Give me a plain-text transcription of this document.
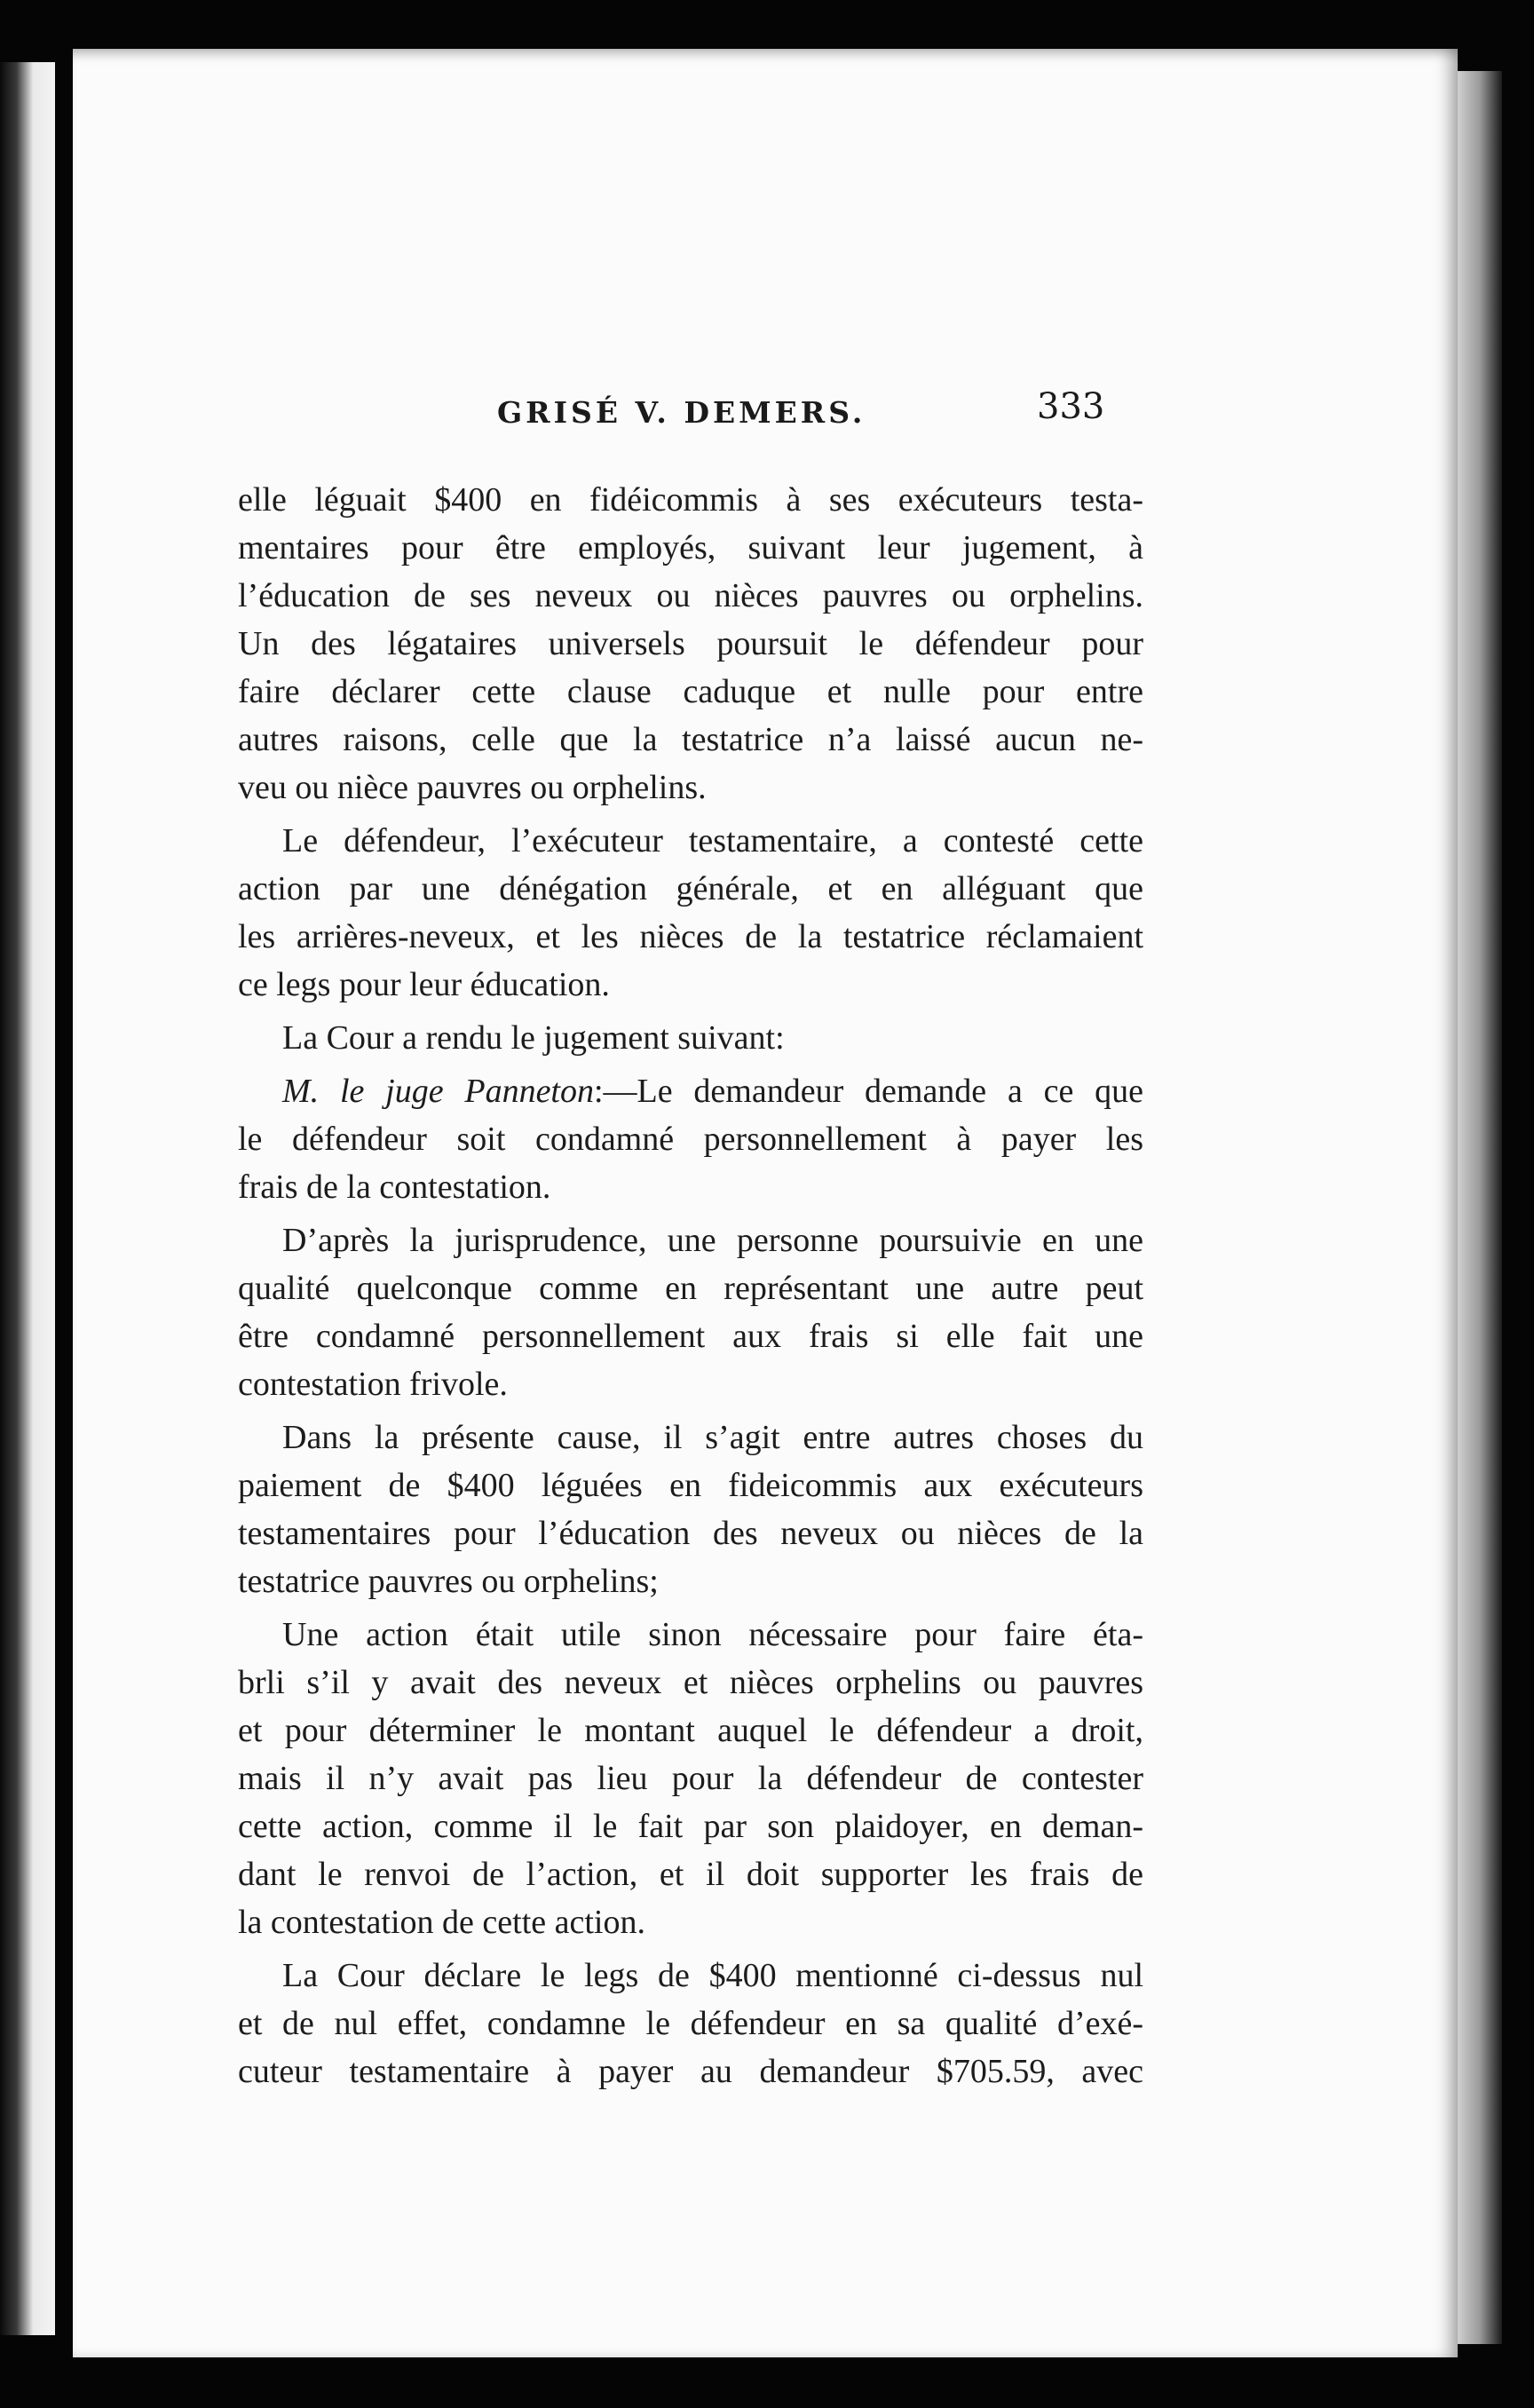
GRISÉ V. DEMERS.	333
elle léguait $400 en fidéicommis à ses exécuteurs testa-
mentaires pour être employés, suivant leur jugement, à
l’éducation de ses neveux ou nièces pauvres ou orphelins.
Un des légataires universels poursuit le défendeur pour
faire déclarer cette clause caduque et nulle pour entre
autres raisons, celle que la testatrice n’a laissé aucun ne-
veu ou nièce pauvres ou orphelins.
Le défendeur, l’exécuteur testamentaire, a contesté cette
action par une dénégation générale, et en alléguant que
les arrières-neveux, et les nièces de la testatrice réclamaient
ce legs pour leur éducation.
La Cour a rendu le jugement suivant:
M. le juge Panneton:—Le demandeur demande a ce que
le défendeur soit condamné personnellement à payer les
frais de la contestation.
D’après la jurisprudence, une personne poursuivie en une
qualité quelconque comme en représentant une autre peut
être condamné personnellement aux frais si elle fait une
contestation frivole.
Dans la présente cause, il s’agit entre autres choses du
paiement de $400 léguées en fideicommis aux exécuteurs
testamentaires pour l’éducation des neveux ou nièces de la
testatrice pauvres ou orphelins;
Une action était utile sinon nécessaire pour faire éta-
brli s’il y avait des neveux et nièces orphelins ou pauvres
et pour déterminer le montant auquel le défendeur a droit,
mais il n’y avait pas lieu pour la défendeur de contester
cette action, comme il le fait par son plaidoyer, en deman-
dant le renvoi de l’action, et il doit supporter les frais de
la contestation de cette action.
La Cour déclare le legs de $400 mentionné ci-dessus nul
et de nul effet, condamne le défendeur en sa qualité d’exé-
cuteur testamentaire à payer au demandeur $705.59, avec
